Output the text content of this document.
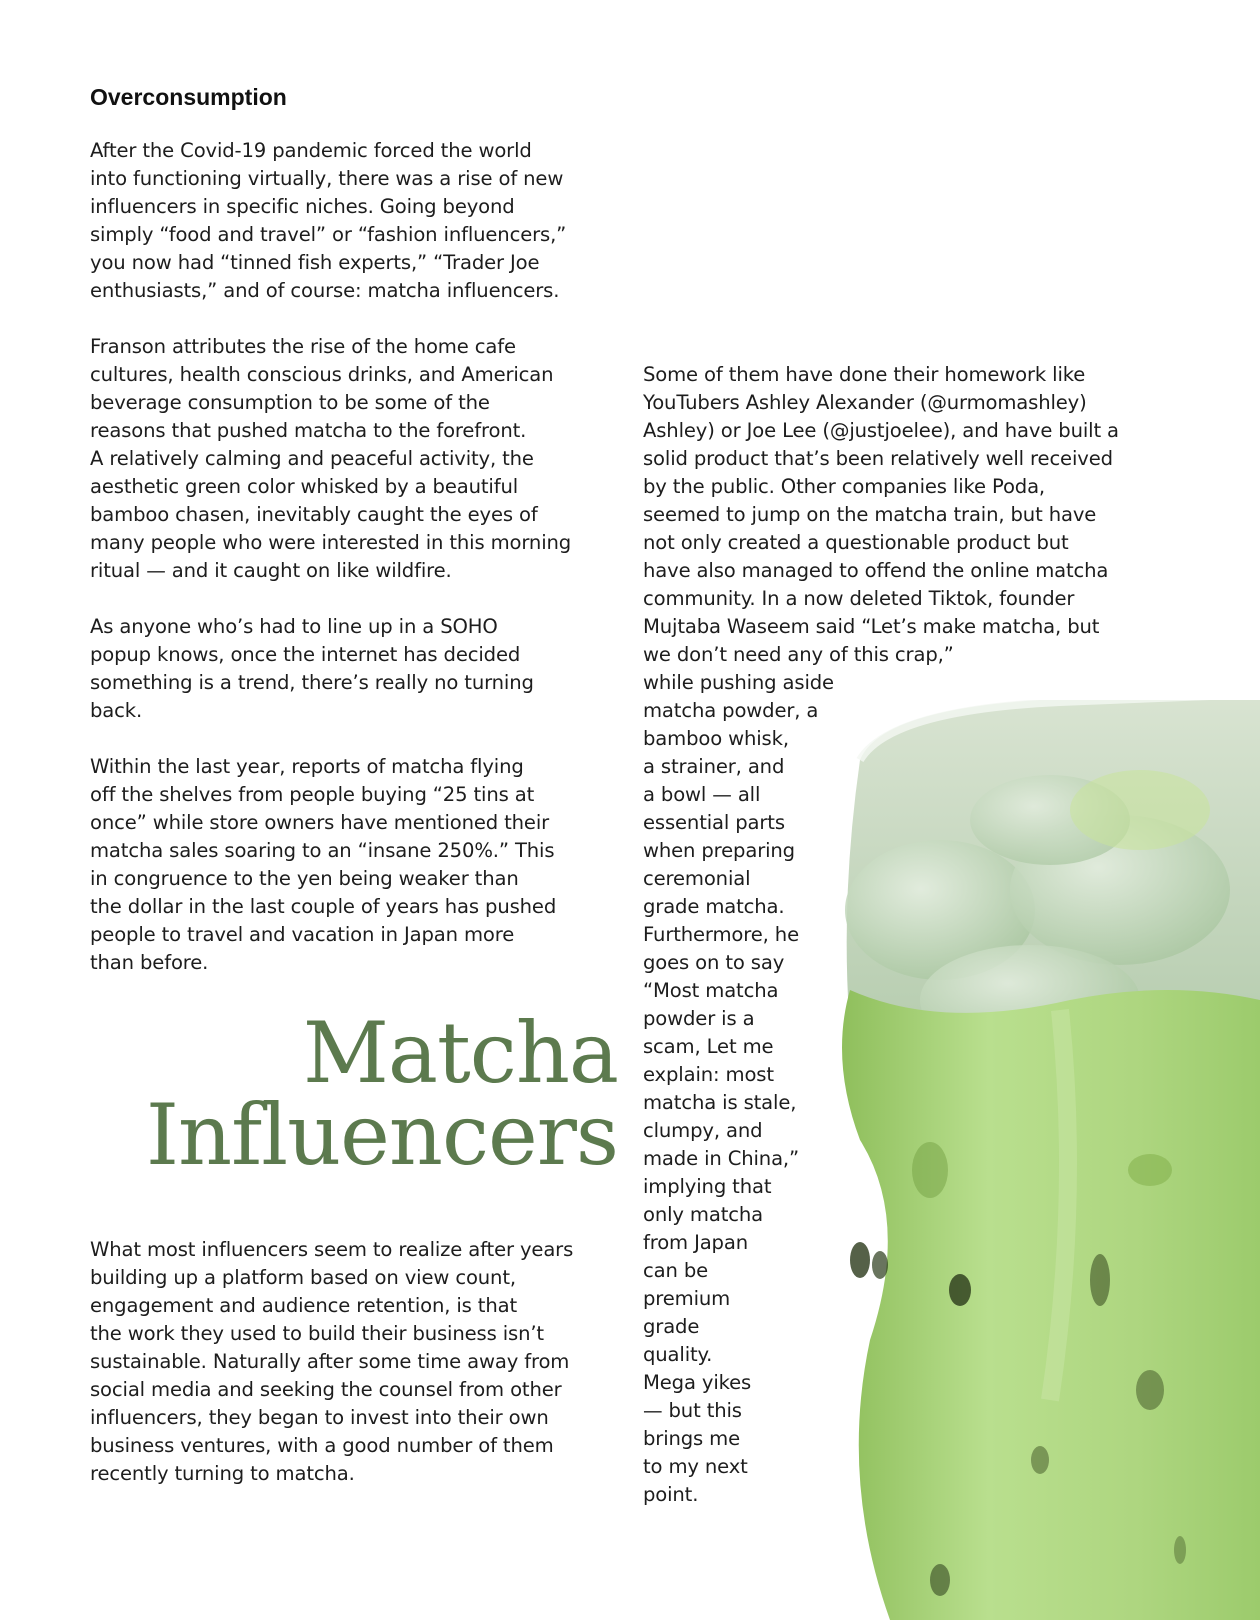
Overconsumption

After the Covid-19 pandemic forced the world
into functioning virtually, there was a rise of new
influencers in specific niches. Going beyond
simply “food and travel” or “fashion influencers,”
you now had “tinned fish experts,” “Trader Joe
enthusiasts,” and of course: matcha influencers.

Franson attributes the rise of the home cafe
cultures, health conscious drinks, and American
beverage consumption to be some of the
reasons that pushed matcha to the forefront.
A relatively calming and peaceful activity, the
aesthetic green color whisked by a beautiful
bamboo chasen, inevitably caught the eyes of
many people who were interested in this morning
ritual — and it caught on like wildfire.

As anyone who’s had to line up in a SOHO
popup knows, once the internet has decided
something is a trend, there’s really no turning
back.

Within the last year, reports of matcha flying
off the shelves from people buying “25 tins at
once” while store owners have mentioned their
matcha sales soaring to an “insane 250%.” This
in congruence to the yen being weaker than
the dollar in the last couple of years has pushed
people to travel and vacation in Japan more
than before.

Matcha
Influencers

What most influencers seem to realize after years
building up a platform based on view count,
engagement and audience retention, is that
the work they used to build their business isn’t
sustainable. Naturally after some time away from
social media and seeking the counsel from other
influencers, they began to invest into their own
business ventures, with a good number of them
recently turning to matcha.

Some of them have done their homework like
YouTubers Ashley Alexander (@urmomashley)
Ashley) or Joe Lee (@justjoelee), and have built a
solid product that’s been relatively well received
by the public. Other companies like Poda,
seemed to jump on the matcha train, but have
not only created a questionable product but
have also managed to offend the online matcha
community. In a now deleted Tiktok, founder
Mujtaba Waseem said “Let’s make matcha, but
we don’t need any of this crap,”

while pushing aside
matcha powder, a
bamboo whisk,
a strainer, and
a bowl — all
essential parts
when preparing
ceremonial
grade matcha.
Furthermore, he
goes on to say
“Most matcha
powder is a
scam, Let me
explain: most
matcha is stale,
clumpy, and
made in China,”
implying that
only matcha
from Japan
can be
premium
grade
quality.
Mega yikes
— but this
brings me
to my next
point.
